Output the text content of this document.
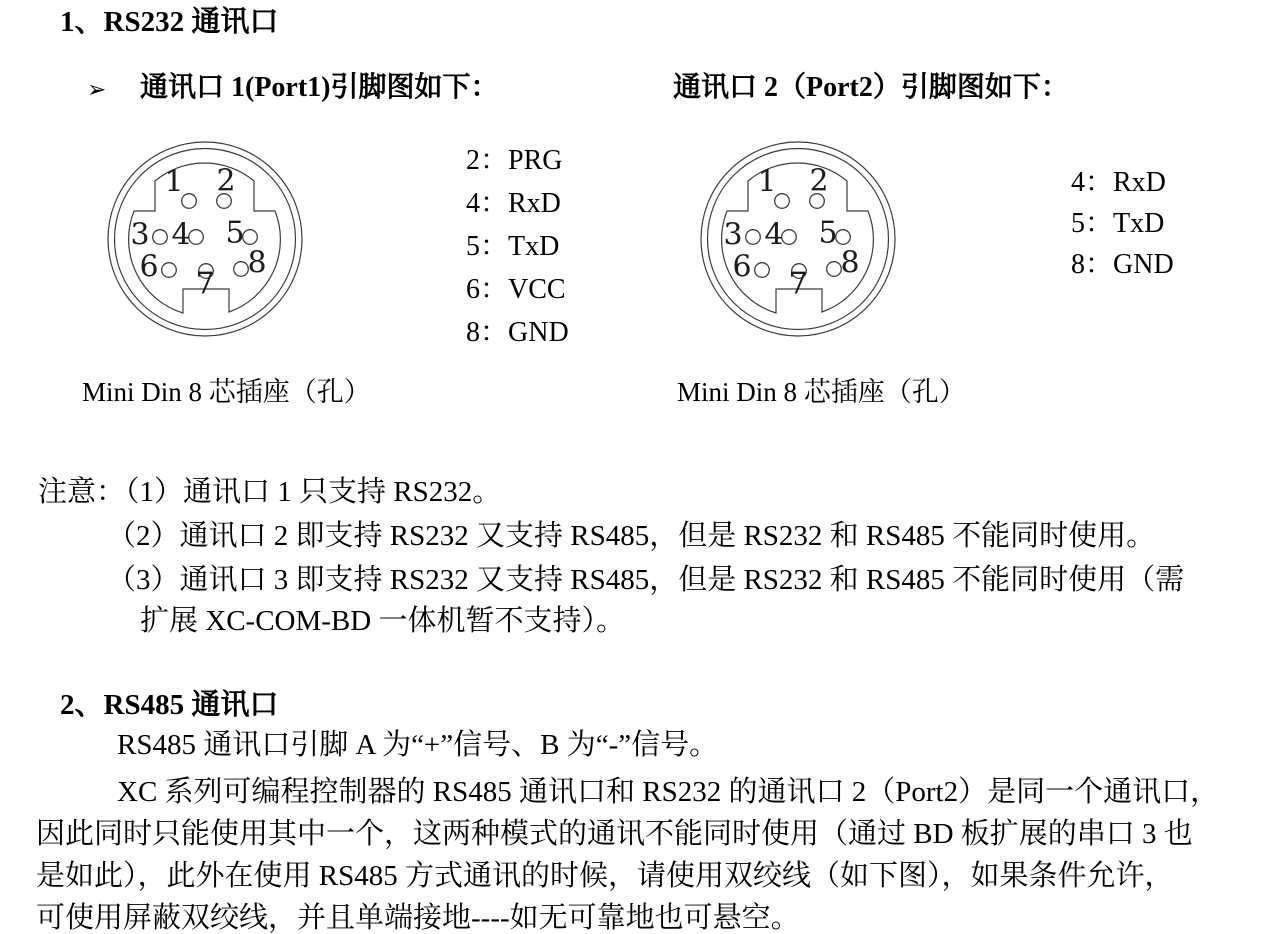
1、RS232 通讯口
➢ 通讯口 1(Port1)引脚图如下：	通讯口 2（Port2）引脚图如下：
1 2
3 4 5
6 7
8
1 2
3 4 5
6 7
8
2：PRG
4：RxD
5：TxD
6：VCC
8：GND
4：RxD
5：TxD
8：GND
Mini Din 8 芯插座（孔）	Mini Din 8 芯插座（孔）
注意：（1）通讯口 1 只支持 RS232。
（2）通讯口 2 即支持 RS232 又支持 RS485，但是 RS232 和 RS485 不能同时使用。
（3）通讯口 3 即支持 RS232 又支持 RS485，但是 RS232 和 RS485 不能同时使用（需
扩展 XC-COM-BD 一体机暂不支持）。
2、RS485 通讯口
RS485 通讯口引脚 A 为“+”信号、B 为“-”信号。
XC 系列可编程控制器的 RS485 通讯口和 RS232 的通讯口 2（Port2）是同一个通讯口，
因此同时只能使用其中一个，这两种模式的通讯不能同时使用（通过 BD 板扩展的串口 3 也
是如此），此外在使用 RS485 方式通讯的时候，请使用双绞线（如下图），如果条件允许，
可使用屏蔽双绞线，并且单端接地----如无可靠地也可悬空。
